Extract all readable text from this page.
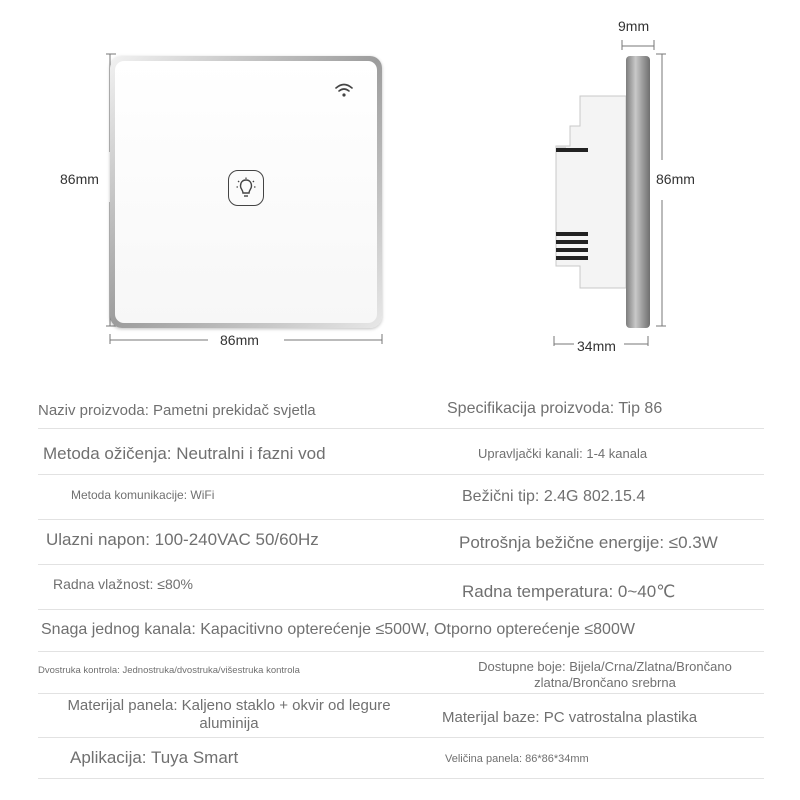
86mm
86mm
9mm
86mm
34mm
Naziv proizvoda: Pametni prekidač svjetla	Specifikacija proizvoda: Tip 86
Metoda ožičenja: Neutralni i fazni vod	Upravljački kanali: 1-4 kanala
Metoda komunikacije: WiFi	Bežični tip: 2.4G 802.15.4
Ulazni napon: 100-240VAC 50/60Hz	Potrošnja bežične energije: ≤0.3W
Radna vlažnost: ≤80%	Radna temperatura: 0~40℃
Snaga jednog kanala: Kapacitivno opterećenje ≤500W, Otporno opterećenje ≤800W
Dvostruka kontrola: Jednostruka/dvostruka/višestruka kontrola	Dostupne boje: Bijela/Crna/Zlatna/Brončano zlatna/Brončano srebrna
Materijal panela: Kaljeno staklo + okvir od legure aluminija	Materijal baze: PC vatrostalna plastika
Aplikacija: Tuya Smart	Veličina panela: 86*86*34mm
